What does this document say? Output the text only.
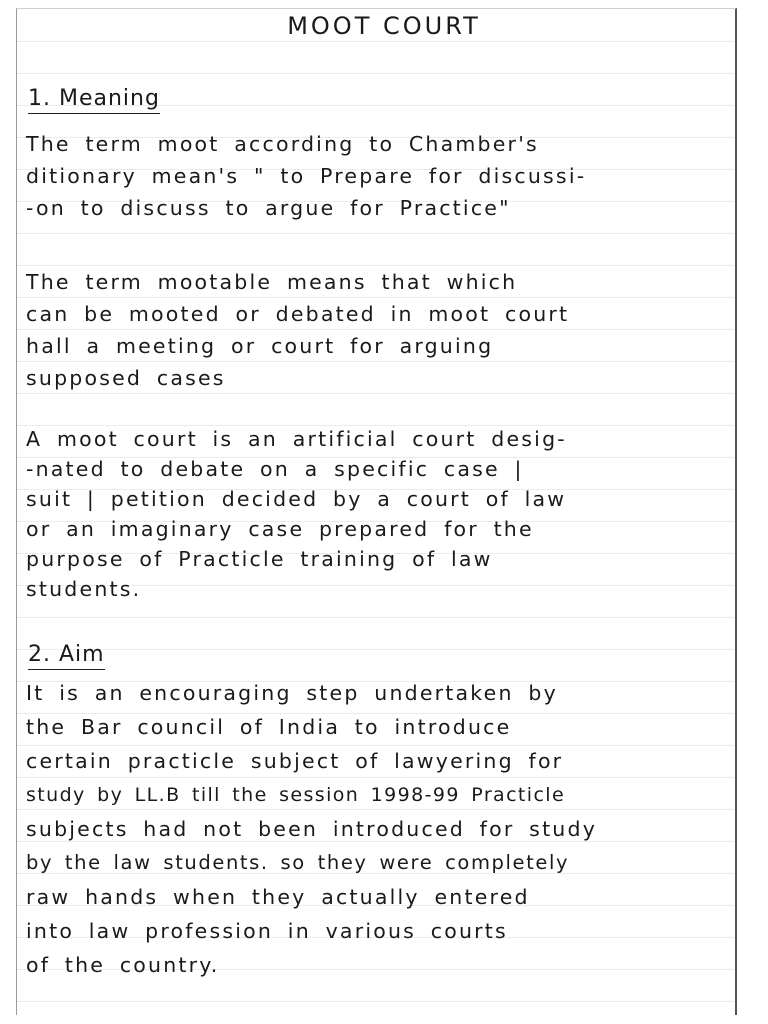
MOOT COURT
1. Meaning
The term moot according to Chamber's
ditionary mean's " to Prepare for discussi-
-on to discuss to argue for Practice"
The term mootable means that which
can be mooted or debated in moot court
hall a meeting or court for arguing
supposed cases
A moot court is an artificial court desig-
-nated to debate on a specific case |
suit | petition decided by a court of law
or an imaginary case prepared for the
purpose of Practicle training of law
students.
2. Aim
It is an encouraging step undertaken by
the Bar council of India to introduce
certain practicle subject of lawyering for
study by LL.B till the session 1998-99 Practicle
subjects had not been introduced for study
by the law students. so they were completely
raw hands when they actually entered
into law profession in various courts
of the country.
